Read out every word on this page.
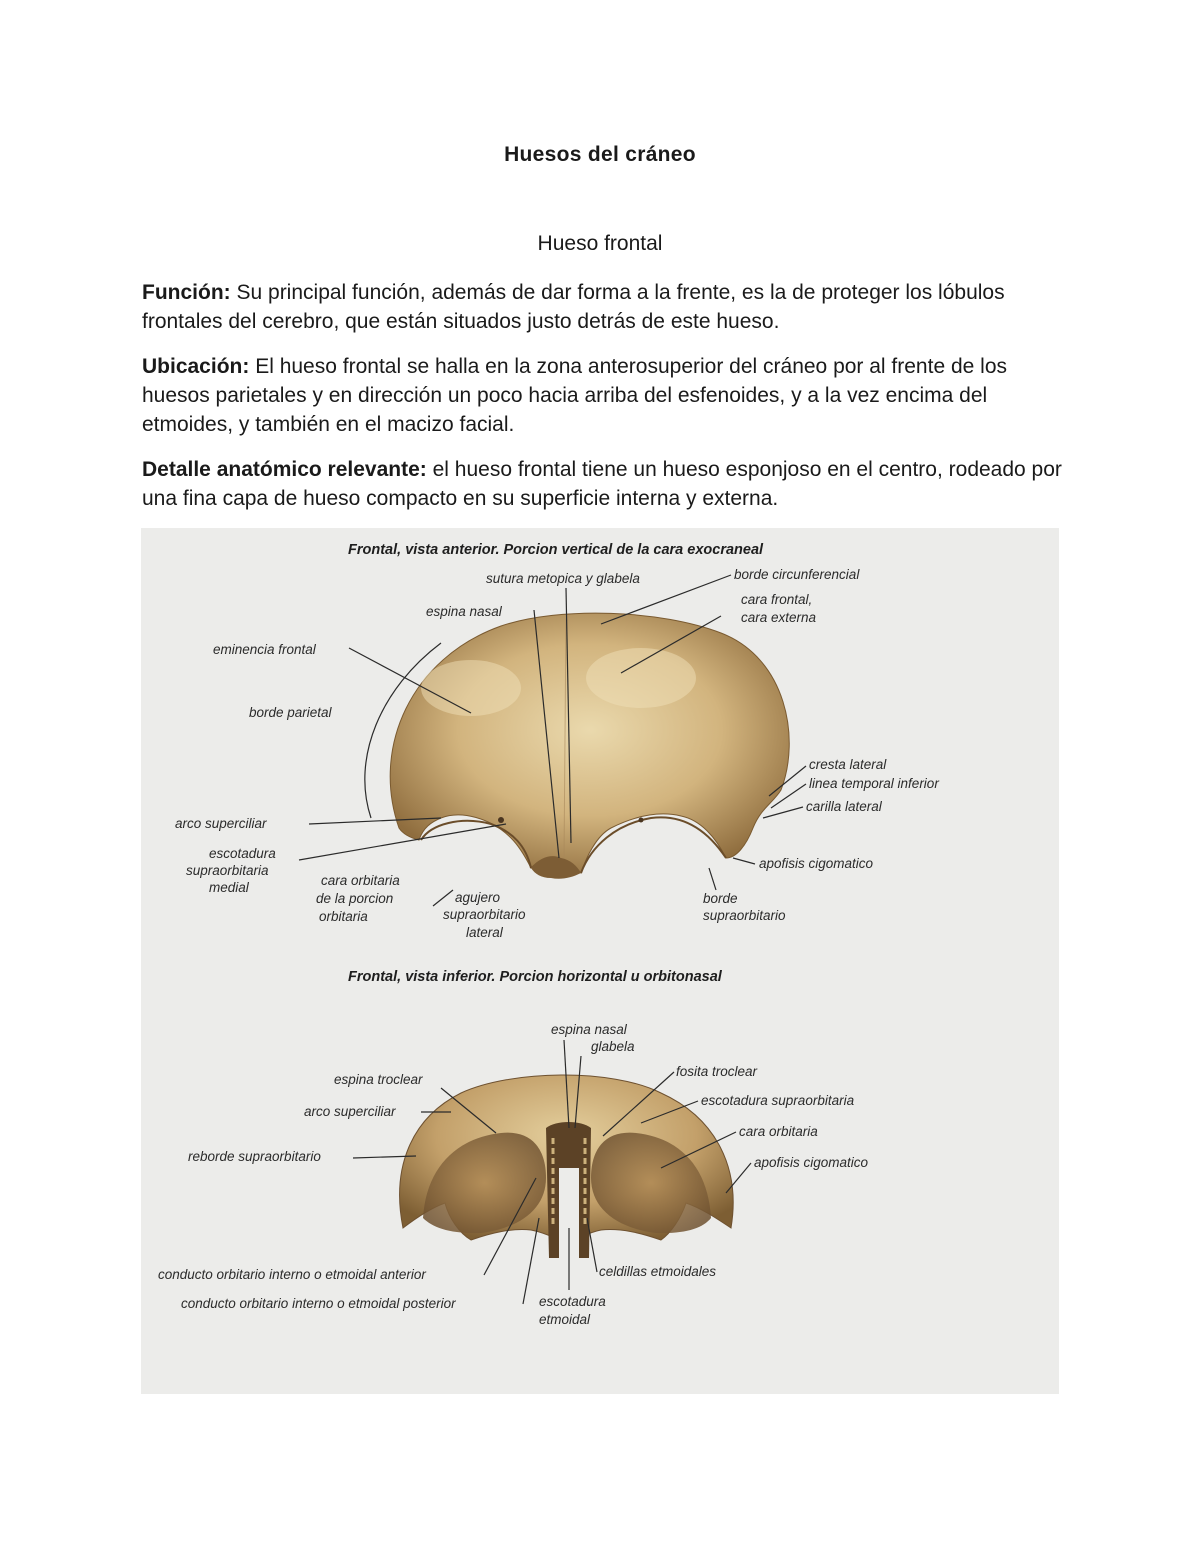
Huesos del cráneo
Hueso frontal

Función: Su principal función, además de dar forma a la frente, es la de proteger los lóbulos frontales del cerebro, que están situados justo detrás de este hueso.

Ubicación: El hueso frontal se halla en la zona anterosuperior del cráneo por al frente de los huesos parietales y en dirección un poco hacia arriba del esfenoides, y a la vez encima del etmoides, y también en el macizo facial.

Detalle anatómico relevante: el hueso frontal tiene un hueso esponjoso en el centro, rodeado por una fina capa de hueso compacto en su superficie interna y externa.

Frontal, vista anterior. Porcion vertical de la cara exocraneal
sutura metopica y glabela	borde circunferencial
espina nasal
cara frontal,
cara externa
eminencia frontal
borde parietal
cresta lateral
linea temporal inferior
carilla lateral
arco superciliar
escotadura
supraorbitaria
medial
apofisis cigomatico
cara orbitaria
de la porcion
orbitaria
agujero
supraorbitario
lateral
borde
supraorbitario
Frontal, vista inferior. Porcion horizontal u orbitonasal
espina nasal
glabela
espina troclear
fosita troclear
arco superciliar
escotadura supraorbitaria
cara orbitaria
reborde supraorbitario	apofisis cigomatico
conducto orbitario interno o etmoidal anterior
conducto orbitario interno o etmoidal posterior
celdillas etmoidales
escotadura
etmoidal
